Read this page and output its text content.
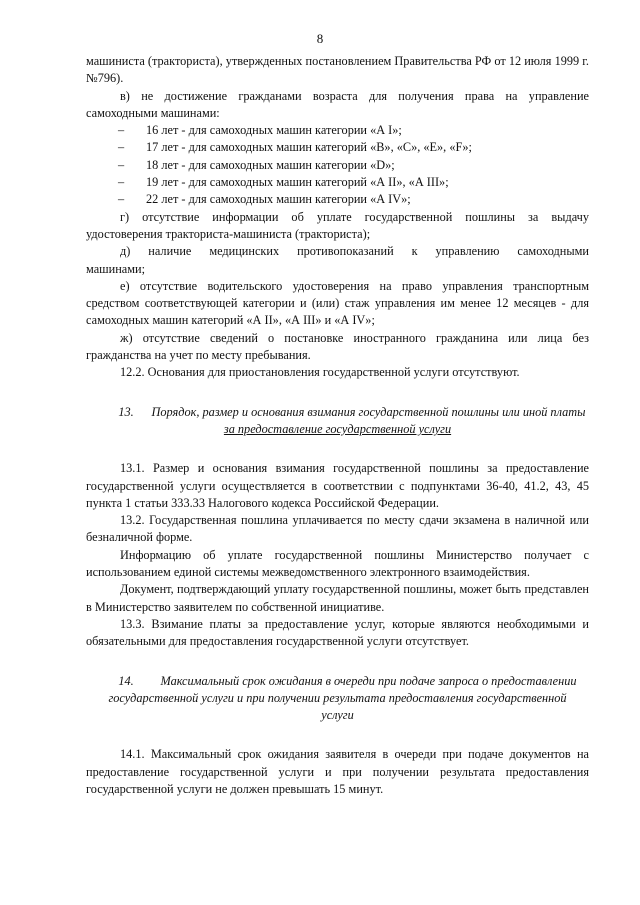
8

машиниста (тракториста), утвержденных постановлением Правительства РФ от 12 июля 1999 г. №796).

в) не достижение гражданами возраста для получения права на управление самоходными машинами:

–	16 лет - для самоходных машин категории «А I»;
–	17 лет - для самоходных машин категорий «В», «С», «Е», «F»;
–	18 лет - для самоходных машин категории «D»;
–	19 лет - для самоходных машин категорий «А II», «А III»;
–	22 лет - для самоходных машин категории «А IV»;

г) отсутствие информации об уплате государственной пошлины за выдачу удостоверения тракториста-машиниста (тракториста);

д) наличие медицинских противопоказаний к управлению самоходными

машинами;

е) отсутствие водительского удостоверения на право управления транспортным средством соответствующей категории и (или) стаж управления им менее 12 месяцев - для самоходных машин категорий «А II», «А III» и «А IV»;

ж) отсутствие сведений о постановке иностранного гражданина или лица без гражданства на учет по месту пребывания.

12.2. Основания для приостановления государственной услуги отсутствуют.

13.	Порядок, размер и основания взимания государственной пошлины или иной платы

за предоставление государственной услуги

13.1. Размер и основания взимания государственной пошлины за предоставление государственной услуги осуществляется в соответствии с подпунктами 36-40, 41.2, 43, 45 пункта 1 статьи 333.33 Налогового кодекса Российской Федерации.

13.2. Государственная пошлина уплачивается по месту сдачи экзамена в наличной или безналичной форме.

Информацию об уплате государственной пошлины Министерство получает с использованием единой системы межведомственного электронного взаимодействия.

Документ, подтверждающий уплату государственной пошлины, может быть представлен в Министерство заявителем по собственной инициативе.

13.3. Взимание платы за предоставление услуг, которые являются необходимыми и обязательными для предоставления государственной услуги отсутствует.

14.	Максимальный срок ожидания в очереди при подаче запроса о предоставлении

государственной услуги и при получении результата предоставления государственной

услуги

14.1. Максимальный срок ожидания заявителя в очереди при подаче документов на предоставление государственной услуги и при получении результата предоставления государственной услуги не должен превышать 15 минут.
